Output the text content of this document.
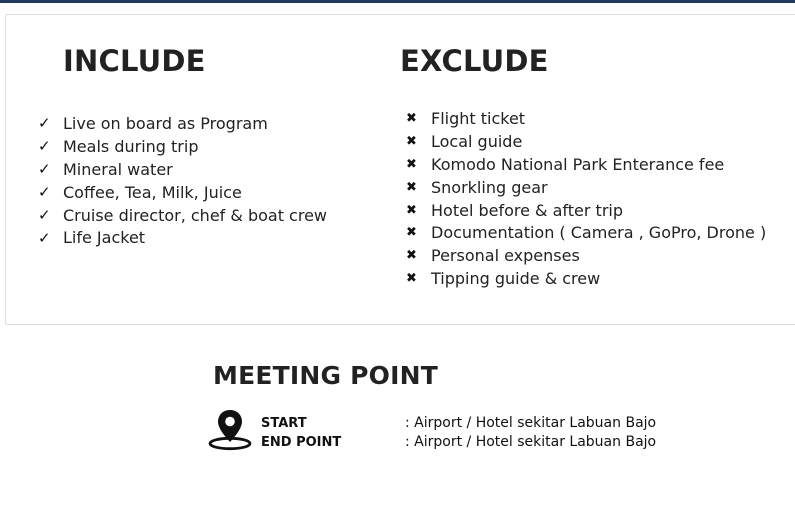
INCLUDE	EXCLUDE
✓ Live on board as Program
✓ Meals during trip
✓ Mineral water
✓ Coffee, Tea, Milk, Juice
✓ Cruise director, chef & boat crew
✓ Life Jacket
✖ Flight ticket
✖ Local guide
✖ Komodo National Park Enterance fee
✖ Snorkling gear
✖ Hotel before & after trip
✖ Documentation ( Camera , GoPro, Drone )
✖ Personal expenses
✖ Tipping guide & crew
MEETING POINT
START	: Airport / Hotel sekitar Labuan Bajo
END POINT	: Airport / Hotel sekitar Labuan Bajo
